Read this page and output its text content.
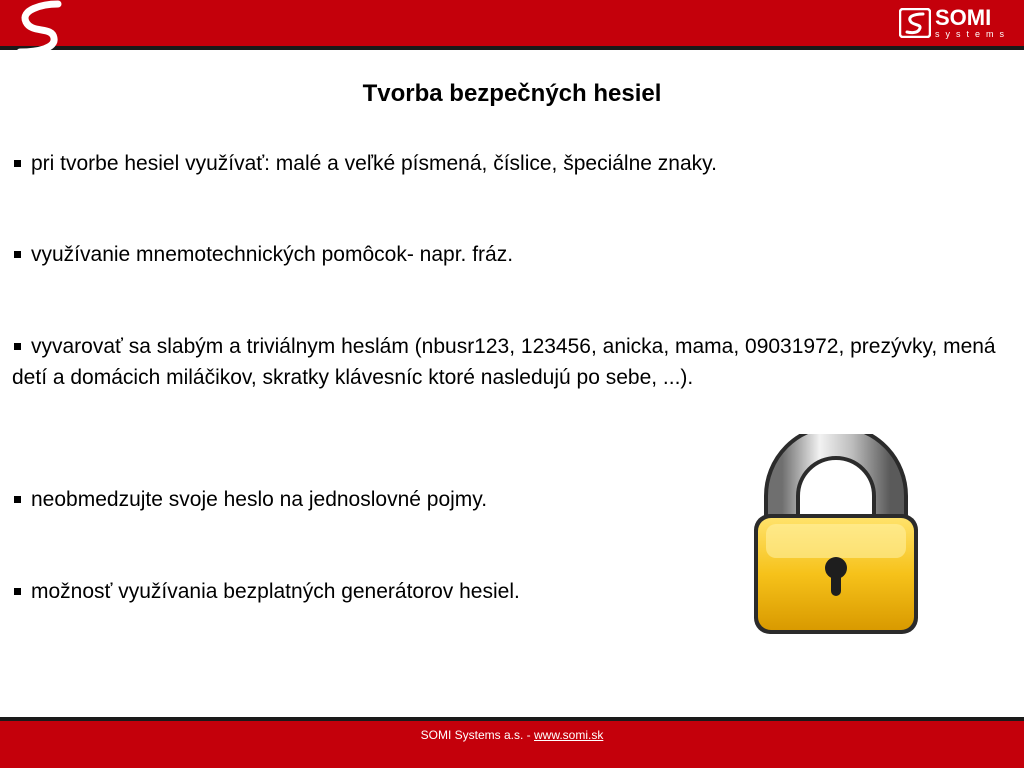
SOMI
systems
Tvorba bezpečných hesiel
pri tvorbe hesiel využívať: malé a veľké písmená, číslice, špeciálne znaky.
využívanie mnemotechnických pomôcok- napr. fráz.
vyvarovať sa slabým a triviálnym heslám (nbusr123, 123456, anicka, mama, 09031972, prezývky, mená detí a domácich miláčikov, skratky klávesníc ktoré nasledujú po sebe, ...).
neobmedzujte svoje heslo na jednoslovné pojmy.
možnosť využívania bezplatných generátorov hesiel.
SOMI Systems a.s. - www.somi.sk
